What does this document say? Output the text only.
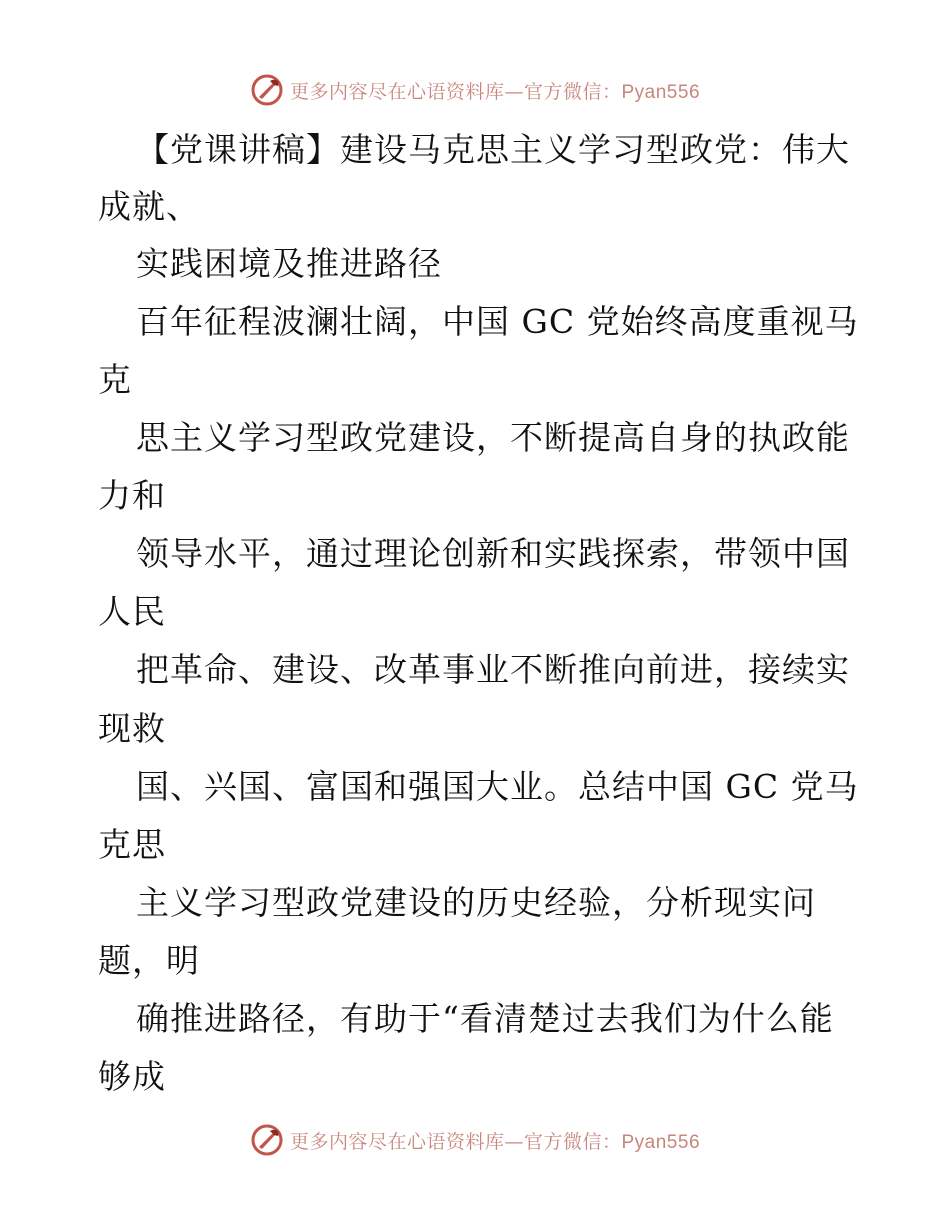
更多内容尽在心语资料库—官方微信：Pyan556
【党课讲稿】建设马克思主义学习型政党：伟大
成就、
实践困境及推进路径
百年征程波澜壮阔，中国 GC 党始终高度重视马
克
思主义学习型政党建设，不断提高自身的执政能
力和
领导水平，通过理论创新和实践探索，带领中国
人民
把革命、建设、改革事业不断推向前进，接续实
现救
国、兴国、富国和强国大业。总结中国 GC 党马
克思
主义学习型政党建设的历史经验，分析现实问
题，明
确推进路径，有助于“看清楚过去我们为什么能
够成
更多内容尽在心语资料库—官方微信：Pyan556
